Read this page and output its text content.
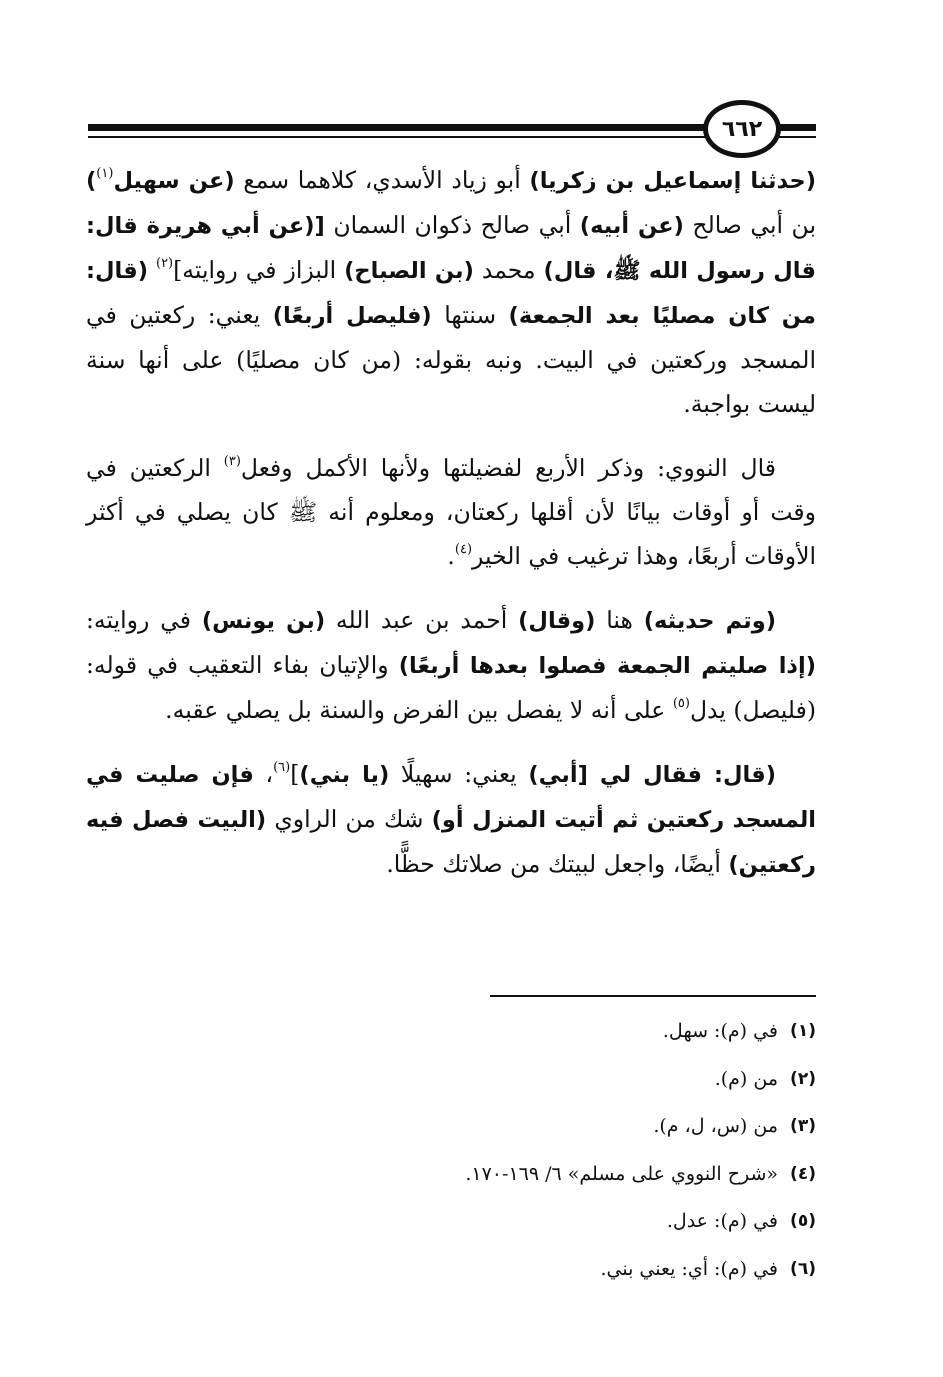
٦٦٢

(حدثنا إسماعيل بن زكريا) أبو زياد الأسدي، كلاهما سمع (عن سهيل$^{(١)}$) بن أبي صالح (عن أبيه) أبي صالح ذكوان السمان [(عن أبي هريرة قال: قال رسول الله ﷺ، قال) محمد (بن الصباح) البزاز في روايته]$^{(٢)}$ (قال: من كان مصليًا بعد الجمعة) سنتها (فليصل أربعًا) يعني: ركعتين في المسجد وركعتين في البيت. ونبه بقوله: (من كان مصليًا) على أنها سنة ليست بواجبة.

قال النووي: وذكر الأربع لفضيلتها ولأنها الأكمل وفعل$^{(٣)}$ الركعتين في وقت أو أوقات بيانًا لأن أقلها ركعتان، ومعلوم أنه ﷺ كان يصلي في أكثر الأوقات أربعًا، وهذا ترغيب في الخير$^{(٤)}$.

(وتم حديثه) هنا (وقال) أحمد بن عبد الله (بن يونس) في روايته: (إذا صليتم الجمعة فصلوا بعدها أربعًا) والإتيان بفاء التعقيب في قوله: (فليصل) يدل$^{(٥)}$ على أنه لا يفصل بين الفرض والسنة بل يصلي عقبه.

(قال: فقال لي [أبي) يعني: سهيلًا (يا بني)]$^{(٦)}$، فإن صليت في المسجد ركعتين ثم أتيت المنزل أو) شك من الراوي (البيت فصل فيه ركعتين) أيضًا، واجعل لبيتك من صلاتك حظًّا.

(١)
في (م): سهل.
(٢)
من (م).
(٣)
من (س، ل، م).
(٤)
«شرح النووي على مسلم» ٦/ ١٦٩-١٧٠.
(٥)
في (م): عدل.
(٦)
في (م): أي: يعني بني.
